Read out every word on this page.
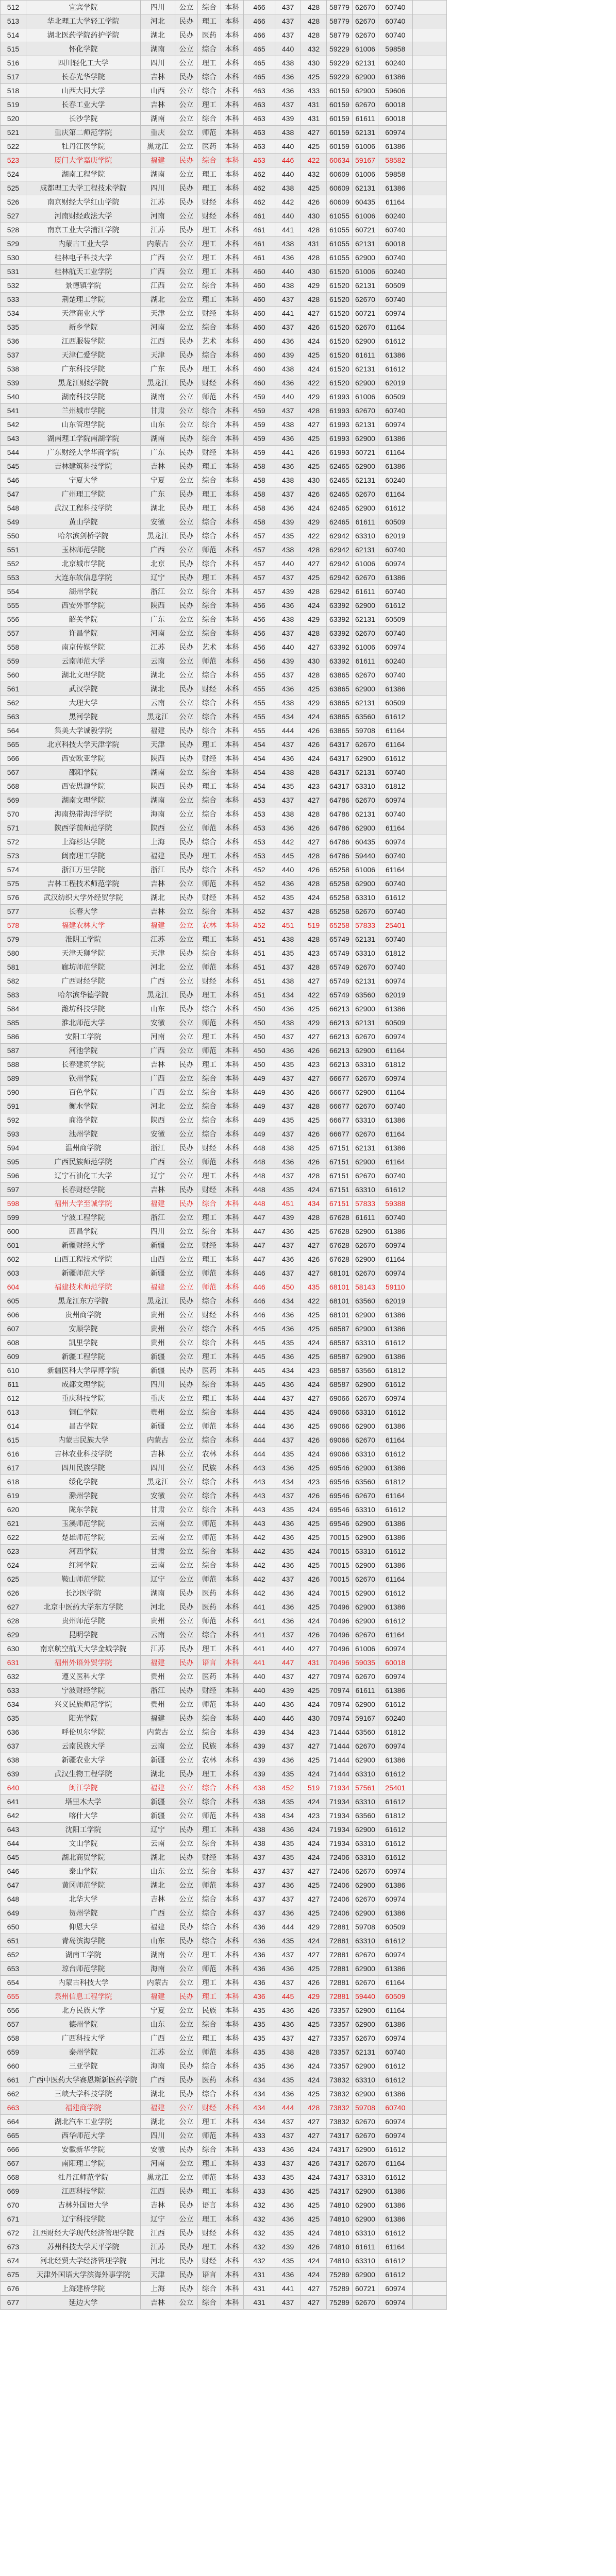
512	宜宾学院	四川	公立	综合	本科	466	437	428	58779	62670	60740	
513	华北理工大学轻工学院	河北	民办	理工	本科	466	437	428	58779	62670	60740	
514	湖北医药学院药护学院	湖北	民办	医药	本科	466	437	428	58779	62670	60740	
515	怀化学院	湖南	公立	综合	本科	465	440	432	59229	61006	59858	
516	四川轻化工大学	四川	公立	理工	本科	465	438	430	59229	62131	60240	
517	长春光华学院	吉林	民办	综合	本科	465	436	425	59229	62900	61386	
518	山西大同大学	山西	公立	综合	本科	463	436	433	60159	62900	59606	
519	长春工业大学	吉林	公立	理工	本科	463	437	431	60159	62670	60018	
520	长沙学院	湖南	公立	综合	本科	463	439	431	60159	61611	60018	
521	重庆第二师范学院	重庆	公立	师范	本科	463	438	427	60159	62131	60974	
522	牡丹江医学院	黑龙江	公立	医药	本科	463	440	425	60159	61006	61386	
523	厦门大学嘉庚学院	福建	民办	综合	本科	463	446	422	60634	59167	58582	
524	湖南工程学院	湖南	公立	理工	本科	462	440	432	60609	61006	59858	
525	成都理工大学工程技术学院	四川	民办	理工	本科	462	438	425	60609	62131	61386	
526	南京财经大学红山学院	江苏	民办	财经	本科	462	442	426	60609	60435	61164	
527	河南财经政法大学	河南	公立	财经	本科	461	440	430	61055	61006	60240	
528	南京工业大学浦江学院	江苏	民办	理工	本科	461	441	428	61055	60721	60740	
529	内蒙古工业大学	内蒙古	公立	理工	本科	461	438	431	61055	62131	60018	
530	桂林电子科技大学	广西	公立	理工	本科	461	436	428	61055	62900	60740	
531	桂林航天工业学院	广西	公立	理工	本科	460	440	430	61520	61006	60240	
532	景德镇学院	江西	公立	综合	本科	460	438	429	61520	62131	60509	
533	荆楚理工学院	湖北	公立	理工	本科	460	437	428	61520	62670	60740	
534	天津商业大学	天津	公立	财经	本科	460	441	427	61520	60721	60974	
535	新乡学院	河南	公立	综合	本科	460	437	426	61520	62670	61164	
536	江西服装学院	江西	民办	艺术	本科	460	436	424	61520	62900	61612	
537	天津仁爱学院	天津	民办	综合	本科	460	439	425	61520	61611	61386	
538	广东科技学院	广东	民办	理工	本科	460	438	424	61520	62131	61612	
539	黑龙江财经学院	黑龙江	民办	财经	本科	460	436	422	61520	62900	62019	
540	湖南科技学院	湖南	公立	师范	本科	459	440	429	61993	61006	60509	
541	兰州城市学院	甘肃	公立	综合	本科	459	437	428	61993	62670	60740	
542	山东管理学院	山东	公立	综合	本科	459	438	427	61993	62131	60974	
543	湖南理工学院南湖学院	湖南	民办	综合	本科	459	436	425	61993	62900	61386	
544	广东财经大学华商学院	广东	民办	财经	本科	459	441	426	61993	60721	61164	
545	吉林建筑科技学院	吉林	民办	理工	本科	458	436	425	62465	62900	61386	
546	宁夏大学	宁夏	公立	综合	本科	458	438	430	62465	62131	60240	
547	广州理工学院	广东	民办	理工	本科	458	437	426	62465	62670	61164	
548	武汉工程科技学院	湖北	民办	理工	本科	458	436	424	62465	62900	61612	
549	黄山学院	安徽	公立	综合	本科	458	439	429	62465	61611	60509	
550	哈尔滨剑桥学院	黑龙江	民办	综合	本科	457	435	422	62942	63310	62019	
551	玉林师范学院	广西	公立	师范	本科	457	438	428	62942	62131	60740	
552	北京城市学院	北京	民办	综合	本科	457	440	427	62942	61006	60974	
553	大连东软信息学院	辽宁	民办	理工	本科	457	437	425	62942	62670	61386	
554	湖州学院	浙江	公立	综合	本科	457	439	428	62942	61611	60740	
555	西安外事学院	陕西	民办	综合	本科	456	436	424	63392	62900	61612	
556	韶关学院	广东	公立	综合	本科	456	438	429	63392	62131	60509	
557	许昌学院	河南	公立	综合	本科	456	437	428	63392	62670	60740	
558	南京传媒学院	江苏	民办	艺术	本科	456	440	427	63392	61006	60974	
559	云南师范大学	云南	公立	师范	本科	456	439	430	63392	61611	60240	
560	湖北文理学院	湖北	公立	综合	本科	455	437	428	63865	62670	60740	
561	武汉学院	湖北	民办	财经	本科	455	436	425	63865	62900	61386	
562	大理大学	云南	公立	综合	本科	455	438	429	63865	62131	60509	
563	黑河学院	黑龙江	公立	综合	本科	455	434	424	63865	63560	61612	
564	集美大学诚毅学院	福建	民办	综合	本科	455	444	426	63865	59708	61164	
565	北京科技大学天津学院	天津	民办	理工	本科	454	437	426	64317	62670	61164	
566	西安欧亚学院	陕西	民办	财经	本科	454	436	424	64317	62900	61612	
567	邵阳学院	湖南	公立	综合	本科	454	438	428	64317	62131	60740	
568	西安思源学院	陕西	民办	理工	本科	454	435	423	64317	63310	61812	
569	湖南文理学院	湖南	公立	综合	本科	453	437	427	64786	62670	60974	
570	海南热带海洋学院	海南	公立	综合	本科	453	438	428	64786	62131	60740	
571	陕西学前师范学院	陕西	公立	师范	本科	453	436	426	64786	62900	61164	
572	上海杉达学院	上海	民办	综合	本科	453	442	427	64786	60435	60974	
573	闽南理工学院	福建	民办	理工	本科	453	445	428	64786	59440	60740	
574	浙江万里学院	浙江	民办	综合	本科	452	440	426	65258	61006	61164	
575	吉林工程技术师范学院	吉林	公立	师范	本科	452	436	428	65258	62900	60740	
576	武汉纺织大学外经贸学院	湖北	民办	财经	本科	452	435	424	65258	63310	61612	
577	长春大学	吉林	公立	综合	本科	452	437	428	65258	62670	60740	
578	福建农林大学	福建	公立	农林	本科	452	451	519	65258	57833	25401	
579	淮阴工学院	江苏	公立	理工	本科	451	438	428	65749	62131	60740	
580	天津天狮学院	天津	民办	综合	本科	451	435	423	65749	63310	61812	
581	廊坊师范学院	河北	公立	师范	本科	451	437	428	65749	62670	60740	
582	广西财经学院	广西	公立	财经	本科	451	438	427	65749	62131	60974	
583	哈尔滨华德学院	黑龙江	民办	理工	本科	451	434	422	65749	63560	62019	
584	潍坊科技学院	山东	民办	综合	本科	450	436	425	66213	62900	61386	
585	淮北师范大学	安徽	公立	师范	本科	450	438	429	66213	62131	60509	
586	安阳工学院	河南	公立	理工	本科	450	437	427	66213	62670	60974	
587	河池学院	广西	公立	师范	本科	450	436	426	66213	62900	61164	
588	长春建筑学院	吉林	民办	理工	本科	450	435	423	66213	63310	61812	
589	钦州学院	广西	公立	综合	本科	449	437	427	66677	62670	60974	
590	百色学院	广西	公立	综合	本科	449	436	426	66677	62900	61164	
591	衡水学院	河北	公立	综合	本科	449	437	428	66677	62670	60740	
592	商洛学院	陕西	公立	综合	本科	449	435	425	66677	63310	61386	
593	池州学院	安徽	公立	综合	本科	449	437	426	66677	62670	61164	
594	温州商学院	浙江	民办	财经	本科	448	438	425	67151	62131	61386	
595	广西民族师范学院	广西	公立	师范	本科	448	436	426	67151	62900	61164	
596	辽宁石油化工大学	辽宁	公立	理工	本科	448	437	428	67151	62670	60740	
597	长春财经学院	吉林	民办	财经	本科	448	435	424	67151	63310	61612	
598	福州大学至诚学院	福建	民办	综合	本科	448	451	434	67151	57833	59388	
599	宁波工程学院	浙江	公立	理工	本科	447	439	428	67628	61611	60740	
600	西昌学院	四川	公立	综合	本科	447	436	425	67628	62900	61386	
601	新疆财经大学	新疆	公立	财经	本科	447	437	427	67628	62670	60974	
602	山西工程技术学院	山西	公立	理工	本科	447	436	426	67628	62900	61164	
603	新疆师范大学	新疆	公立	师范	本科	446	437	427	68101	62670	60974	
604	福建技术师范学院	福建	公立	师范	本科	446	450	435	68101	58143	59110	
605	黑龙江东方学院	黑龙江	民办	综合	本科	446	434	422	68101	63560	62019	
606	贵州商学院	贵州	公立	财经	本科	446	436	425	68101	62900	61386	
607	安顺学院	贵州	公立	综合	本科	445	436	425	68587	62900	61386	
608	凯里学院	贵州	公立	综合	本科	445	435	424	68587	63310	61612	
609	新疆工程学院	新疆	公立	理工	本科	445	436	425	68587	62900	61386	
610	新疆医科大学厚博学院	新疆	民办	医药	本科	445	434	423	68587	63560	61812	
611	成都文理学院	四川	民办	综合	本科	445	436	424	68587	62900	61612	
612	重庆科技学院	重庆	公立	理工	本科	444	437	427	69066	62670	60974	
613	铜仁学院	贵州	公立	综合	本科	444	435	424	69066	63310	61612	
614	昌吉学院	新疆	公立	师范	本科	444	436	425	69066	62900	61386	
615	内蒙古民族大学	内蒙古	公立	综合	本科	444	437	426	69066	62670	61164	
616	吉林农业科技学院	吉林	公立	农林	本科	444	435	424	69066	63310	61612	
617	四川民族学院	四川	公立	民族	本科	443	436	425	69546	62900	61386	
618	绥化学院	黑龙江	公立	综合	本科	443	434	423	69546	63560	61812	
619	滁州学院	安徽	公立	综合	本科	443	437	426	69546	62670	61164	
620	陇东学院	甘肃	公立	综合	本科	443	435	424	69546	63310	61612	
621	玉溪师范学院	云南	公立	师范	本科	443	436	425	69546	62900	61386	
622	楚雄师范学院	云南	公立	师范	本科	442	436	425	70015	62900	61386	
623	河西学院	甘肃	公立	综合	本科	442	435	424	70015	63310	61612	
624	红河学院	云南	公立	综合	本科	442	436	425	70015	62900	61386	
625	鞍山师范学院	辽宁	公立	师范	本科	442	437	426	70015	62670	61164	
626	长沙医学院	湖南	民办	医药	本科	442	436	424	70015	62900	61612	
627	北京中医药大学东方学院	河北	民办	医药	本科	441	436	425	70496	62900	61386	
628	贵州师范学院	贵州	公立	师范	本科	441	436	424	70496	62900	61612	
629	昆明学院	云南	公立	综合	本科	441	437	426	70496	62670	61164	
630	南京航空航天大学金城学院	江苏	民办	理工	本科	441	440	427	70496	61006	60974	
631	福州外语外贸学院	福建	民办	语言	本科	441	447	431	70496	59035	60018	
632	遵义医科大学	贵州	公立	医药	本科	440	437	427	70974	62670	60974	
633	宁波财经学院	浙江	民办	财经	本科	440	439	425	70974	61611	61386	
634	兴义民族师范学院	贵州	公立	师范	本科	440	436	424	70974	62900	61612	
635	阳光学院	福建	民办	综合	本科	440	446	430	70974	59167	60240	
636	呼伦贝尔学院	内蒙古	公立	综合	本科	439	434	423	71444	63560	61812	
637	云南民族大学	云南	公立	民族	本科	439	437	427	71444	62670	60974	
638	新疆农业大学	新疆	公立	农林	本科	439	436	425	71444	62900	61386	
639	武汉生物工程学院	湖北	民办	理工	本科	439	435	424	71444	63310	61612	
640	闽江学院	福建	公立	综合	本科	438	452	519	71934	57561	25401	
641	塔里木大学	新疆	公立	综合	本科	438	435	424	71934	63310	61612	
642	喀什大学	新疆	公立	师范	本科	438	434	423	71934	63560	61812	
643	沈阳工学院	辽宁	民办	理工	本科	438	436	424	71934	62900	61612	
644	文山学院	云南	公立	综合	本科	438	435	424	71934	63310	61612	
645	湖北商贸学院	湖北	民办	财经	本科	437	435	424	72406	63310	61612	
646	泰山学院	山东	公立	综合	本科	437	437	427	72406	62670	60974	
647	黄冈师范学院	湖北	公立	师范	本科	437	436	425	72406	62900	61386	
648	北华大学	吉林	公立	综合	本科	437	437	427	72406	62670	60974	
649	贺州学院	广西	公立	综合	本科	437	436	425	72406	62900	61386	
650	仰恩大学	福建	民办	综合	本科	436	444	429	72881	59708	60509	
651	青岛滨海学院	山东	民办	综合	本科	436	435	424	72881	63310	61612	
652	湖南工学院	湖南	公立	理工	本科	436	437	427	72881	62670	60974	
653	琼台师范学院	海南	公立	师范	本科	436	436	425	72881	62900	61386	
654	内蒙古科技大学	内蒙古	公立	理工	本科	436	437	426	72881	62670	61164	
655	泉州信息工程学院	福建	民办	理工	本科	436	445	429	72881	59440	60509	
656	北方民族大学	宁夏	公立	民族	本科	435	436	426	73357	62900	61164	
657	德州学院	山东	公立	综合	本科	435	436	425	73357	62900	61386	
658	广西科技大学	广西	公立	理工	本科	435	437	427	73357	62670	60974	
659	泰州学院	江苏	公立	师范	本科	435	438	428	73357	62131	60740	
660	三亚学院	海南	民办	综合	本科	435	436	424	73357	62900	61612	
661	广西中医药大学赛恩斯新医药学院	广西	民办	医药	本科	434	435	424	73832	63310	61612	
662	三峡大学科技学院	湖北	民办	综合	本科	434	436	425	73832	62900	61386	
663	福建商学院	福建	公立	财经	本科	434	444	428	73832	59708	60740	
664	湖北汽车工业学院	湖北	公立	理工	本科	434	437	427	73832	62670	60974	
665	西华师范大学	四川	公立	师范	本科	433	437	427	74317	62670	60974	
666	安徽新华学院	安徽	民办	综合	本科	433	436	424	74317	62900	61612	
667	南阳理工学院	河南	公立	理工	本科	433	437	426	74317	62670	61164	
668	牡丹江师范学院	黑龙江	公立	师范	本科	433	435	424	74317	63310	61612	
669	江西科技学院	江西	民办	理工	本科	433	436	425	74317	62900	61386	
670	吉林外国语大学	吉林	民办	语言	本科	432	436	425	74810	62900	61386	
671	辽宁科技学院	辽宁	公立	理工	本科	432	436	425	74810	62900	61386	
672	江西财经大学现代经济管理学院	江西	民办	财经	本科	432	435	424	74810	63310	61612	
673	苏州科技大学天平学院	江苏	民办	理工	本科	432	439	426	74810	61611	61164	
674	河北经贸大学经济管理学院	河北	民办	财经	本科	432	435	424	74810	63310	61612	
675	天津外国语大学滨海外事学院	天津	民办	语言	本科	431	436	424	75289	62900	61612	
676	上海建桥学院	上海	民办	综合	本科	431	441	427	75289	60721	60974	
677	延边大学	吉林	公立	综合	本科	431	437	427	75289	62670	60974	
